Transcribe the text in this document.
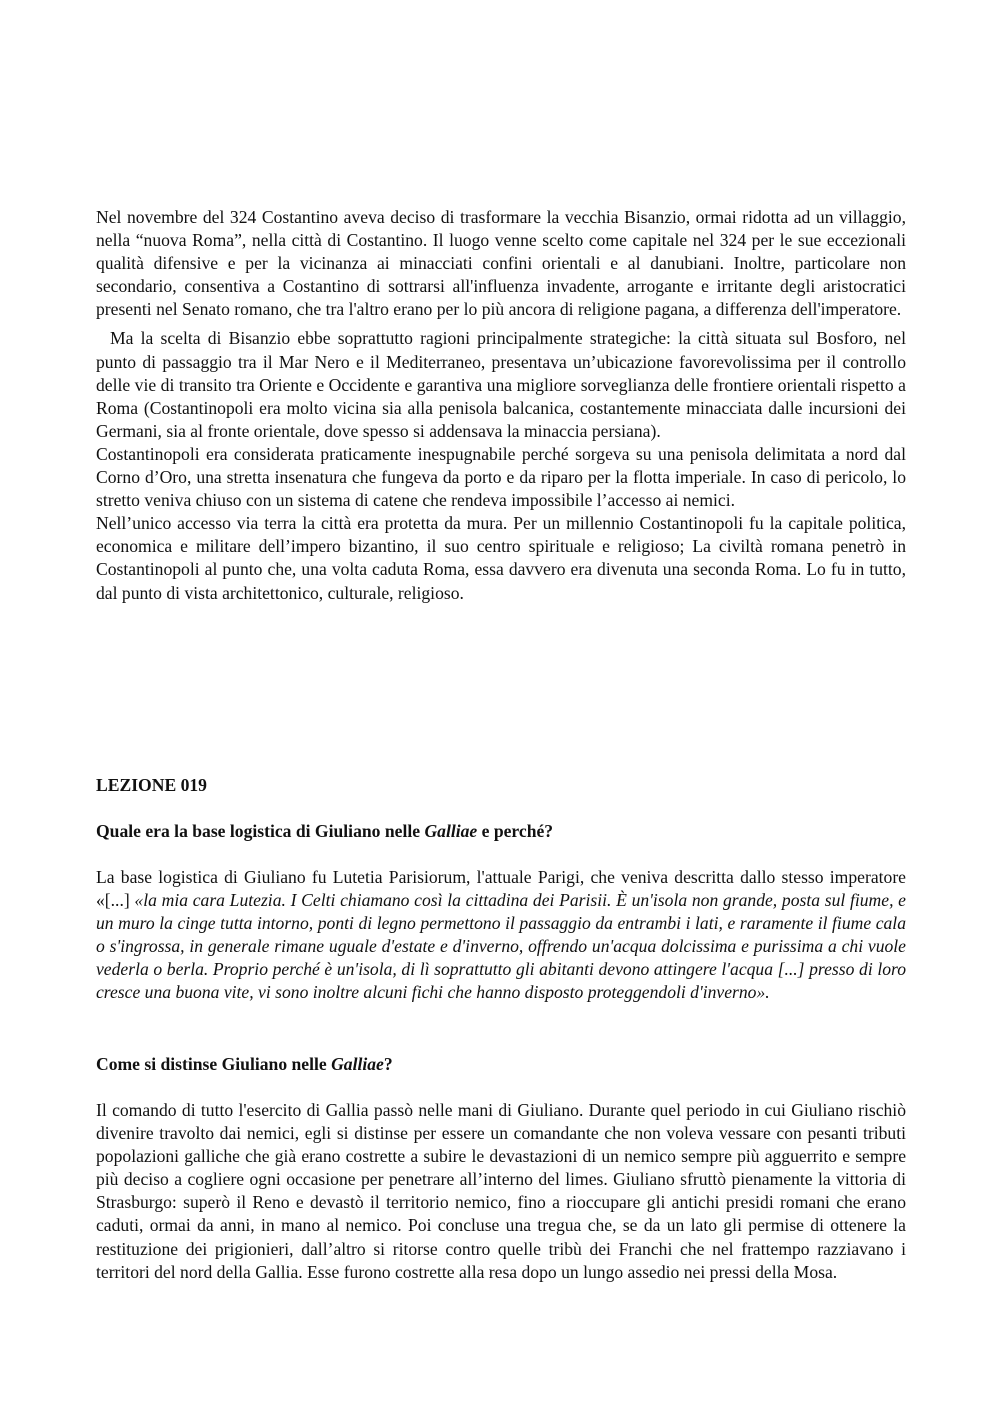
Nel novembre del 324 Costantino aveva deciso di trasformare la vecchia Bisanzio, ormai ridotta ad un villaggio, nella “nuova Roma”, nella città di Costantino. Il luogo venne scelto come capitale nel 324 per le sue eccezionali qualità difensive e per la vicinanza ai minacciati confini orientali e al danubiani. Inoltre, particolare non secondario, consentiva a Costantino di sottrarsi all'influenza invadente, arrogante e irritante degli aristocratici presenti nel Senato romano, che tra l'altro erano per lo più ancora di religione pagana, a differenza dell'imperatore.

Ma la scelta di Bisanzio ebbe soprattutto ragioni principalmente strategiche: la città situata sul Bosforo, nel punto di passaggio tra il Mar Nero e il Mediterraneo, presentava un’ubicazione favorevolissima per il controllo delle vie di transito tra Oriente e Occidente e garantiva una migliore sorveglianza delle frontiere orientali rispetto a Roma (Costantinopoli era molto vicina sia alla penisola balcanica, costantemente minacciata dalle incursioni dei Germani, sia al fronte orientale, dove spesso si addensava la minaccia persiana).

Costantinopoli era considerata praticamente inespugnabile perché sorgeva su una penisola delimitata a nord dal Corno d’Oro, una stretta insenatura che fungeva da porto e da riparo per la flotta imperiale. In caso di pericolo, lo stretto veniva chiuso con un sistema di catene che rendeva impossibile l’accesso ai nemici.

Nell’unico accesso via terra la città era protetta da mura. Per un millennio Costantinopoli fu la capitale politica, economica e militare dell’impero bizantino, il suo centro spirituale e religioso; La civiltà romana penetrò in Costantinopoli al punto che, una volta caduta Roma, essa davvero era divenuta una seconda Roma. Lo fu in tutto, dal punto di vista architettonico, culturale, religioso.

LEZIONE 019
Quale era la base logistica di Giuliano nelle Galliae e perché?

La base logistica di Giuliano fu Lutetia Parisiorum, l'attuale Parigi, che veniva descritta dallo stesso imperatore «[...] «la mia cara Lutezia. I Celti chiamano così la cittadina dei Parisii. È un'isola non grande, posta sul fiume, e un muro la cinge tutta intorno, ponti di legno permettono il passaggio da entrambi i lati, e raramente il fiume cala o s'ingrossa, in generale rimane uguale d'estate e d'inverno, offrendo un'acqua dolcissima e purissima a chi vuole vederla o berla. Proprio perché è un'isola, di lì soprattutto gli abitanti devono attingere l'acqua [...] presso di loro cresce una buona vite, vi sono inoltre alcuni fichi che hanno disposto proteggendoli d'inverno».

Come si distinse Giuliano nelle Galliae?

Il comando di tutto l'esercito di Gallia passò nelle mani di Giuliano. Durante quel periodo in cui Giuliano rischiò divenire travolto dai nemici, egli si distinse per essere un comandante che non voleva vessare con pesanti tributi popolazioni galliche che già erano costrette a subire le devastazioni di un nemico sempre più agguerrito e sempre più deciso a cogliere ogni occasione per penetrare all’interno del limes. Giuliano sfruttò pienamente la vittoria di Strasburgo: superò il Reno e devastò il territorio nemico, fino a rioccupare gli antichi presidi romani che erano caduti, ormai da anni, in mano al nemico. Poi concluse una tregua che, se da un lato gli permise di ottenere la restituzione dei prigionieri, dall’altro si ritorse contro quelle tribù dei Franchi che nel frattempo razziavano i territori del nord della Gallia. Esse furono costrette alla resa dopo un lungo assedio nei pressi della Mosa.
